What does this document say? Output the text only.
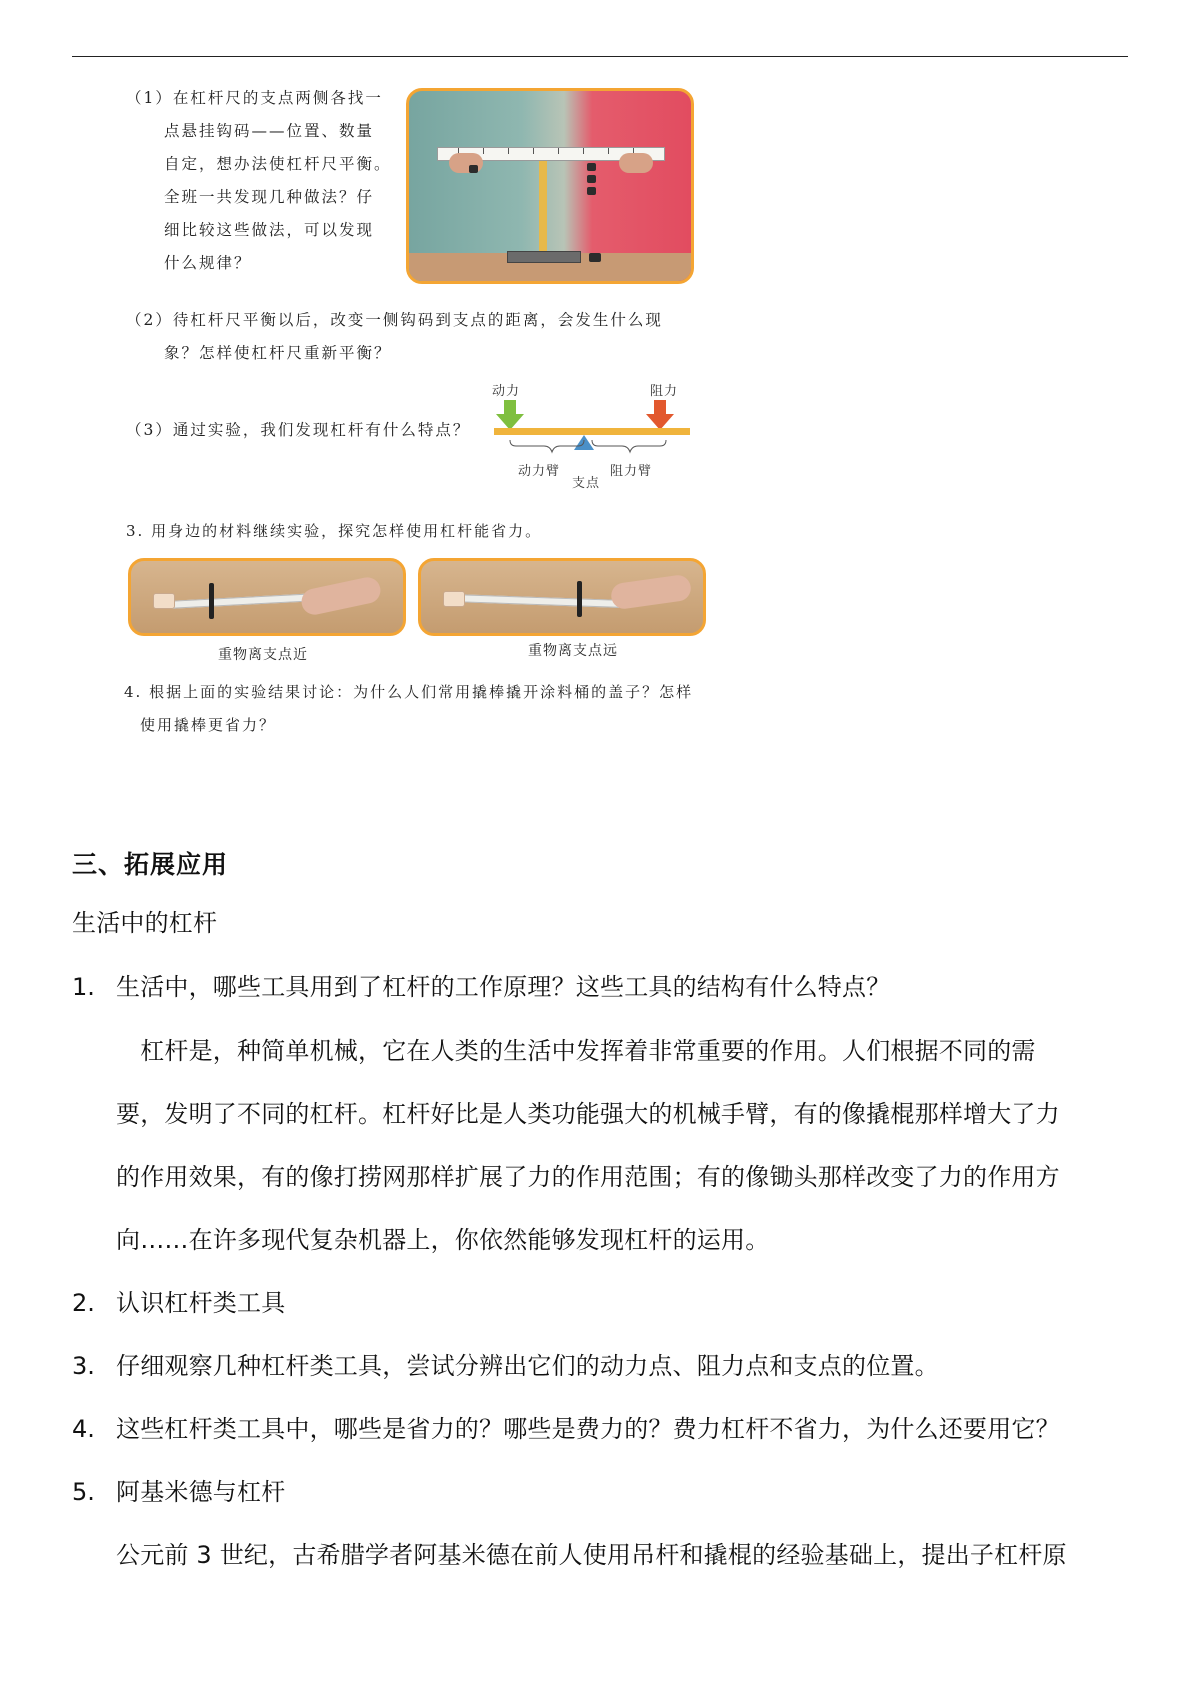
（1）在杠杆尺的支点两侧各找一
点悬挂钩码——位置、数量
自定，想办法使杠杆尺平衡。
全班一共发现几种做法？仔
细比较这些做法，可以发现
什么规律？
（2）待杠杆尺平衡以后，改变一侧钩码到支点的距离，会发生什么现
象？怎样使杠杆尺重新平衡？
（3）通过实验，我们发现杠杆有什么特点？
动力	阻力
动力臂
支点
阻力臂
3. 用身边的材料继续实验，探究怎样使用杠杆能省力。
重物离支点近	重物离支点远
4. 根据上面的实验结果讨论：为什么人们常用撬棒撬开涂料桶的盖子？怎样
使用撬棒更省力？
三、拓展应用
生活中的杠杆
1. 生活中，哪些工具用到了杠杆的工作原理？这些工具的结构有什么特点？
　杠杆是，种简单机械，它在人类的生活中发挥着非常重要的作用。人们根据不同的需
要，发明了不同的杠杆。杠杆好比是人类功能强大的机械手臂，有的像撬棍那样增大了力
的作用效果，有的像打捞网那样扩展了力的作用范围；有的像锄头那样改变了力的作用方
向……在许多现代复杂机器上，你依然能够发现杠杆的运用。
2. 认识杠杆类工具
3. 仔细观察几种杠杆类工具，尝试分辨出它们的动力点、阻力点和支点的位置。
4. 这些杠杆类工具中，哪些是省力的？哪些是费力的？费力杠杆不省力，为什么还要用它？
5. 阿基米德与杠杆
公元前 3 世纪，古希腊学者阿基米德在前人使用吊杆和撬棍的经验基础上，提出子杠杆原
